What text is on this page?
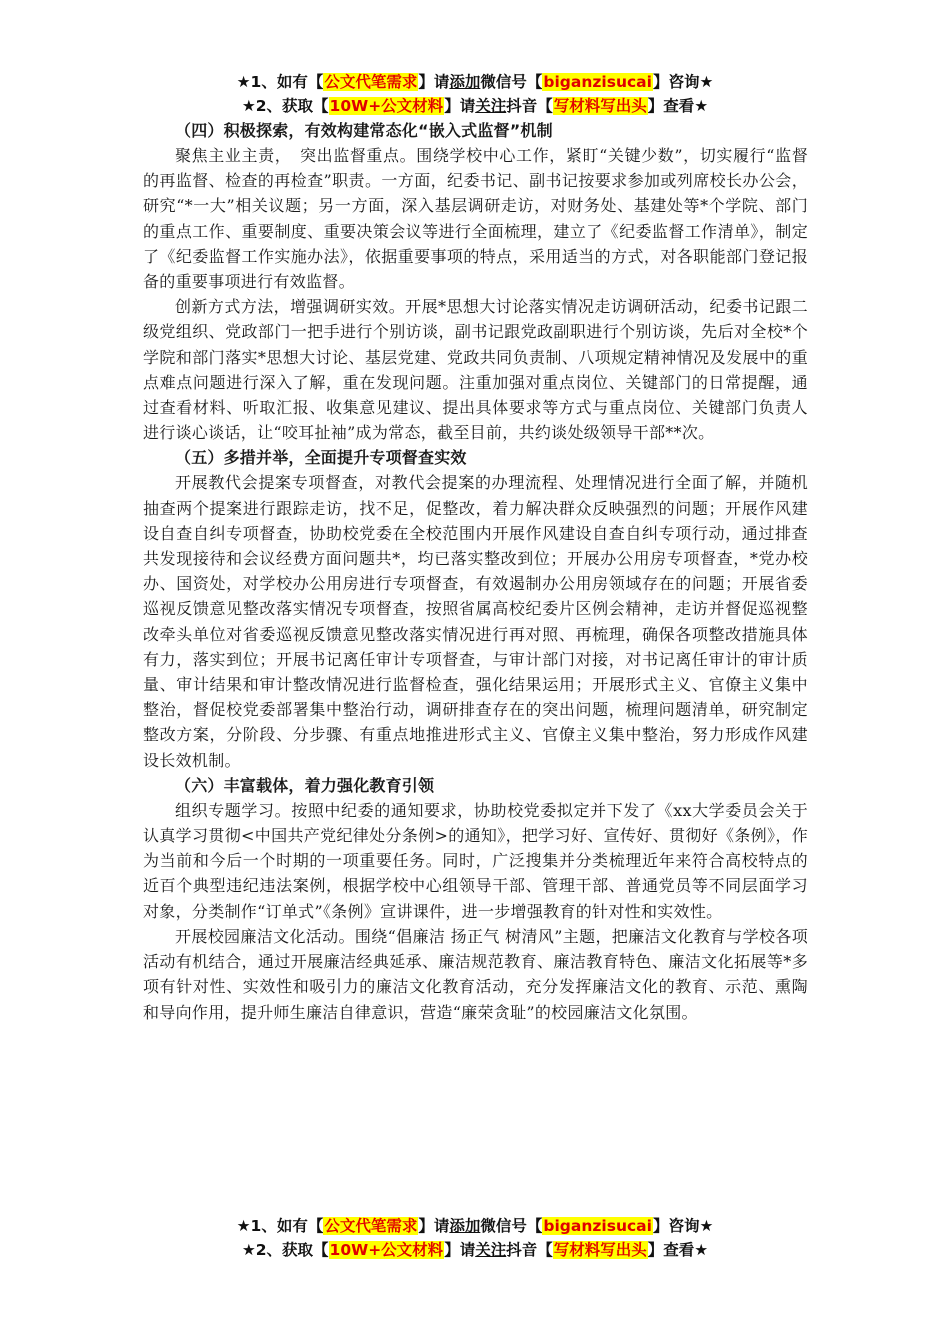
★1、如有【公文代笔需求】请添加微信号【biganzisucai】咨询★
★2、获取【10W+公文材料】请关注抖音【写材料写出头】查看★
（四）积极探索，有效构建常态化“嵌入式监督”机制

聚焦主业主责，　突出监督重点。围绕学校中心工作，紧盯“关键少数”，切实履行“监督的再监督、检查的再检查”职责。一方面，纪委书记、副书记按要求参加或列席校长办公会，研究“*一大”相关议题；另一方面，深入基层调研走访，对财务处、基建处等*个学院、部门的重点工作、重要制度、重要决策会议等进行全面梳理，建立了《纪委监督工作清单》，制定了《纪委监督工作实施办法》，依据重要事项的特点，采用适当的方式，对各职能部门登记报备的重要事项进行有效监督。

创新方式方法，增强调研实效。开展*思想大讨论落实情况走访调研活动，纪委书记跟二级党组织、党政部门一把手进行个别访谈，副书记跟党政副职进行个别访谈，先后对全校*个学院和部门落实*思想大讨论、基层党建、党政共同负责制、八项规定精神情况及发展中的重点难点问题进行深入了解，重在发现问题。注重加强对重点岗位、关键部门的日常提醒，通过查看材料、听取汇报、收集意见建议、提出具体要求等方式与重点岗位、关键部门负责人进行谈心谈话，让“咬耳扯袖”成为常态，截至目前，共约谈处级领导干部**次。

（五）多措并举，全面提升专项督查实效

开展教代会提案专项督查，对教代会提案的办理流程、处理情况进行全面了解，并随机抽查两个提案进行跟踪走访，找不足，促整改，着力解决群众反映强烈的问题；开展作风建设自查自纠专项督查，协助校党委在全校范围内开展作风建设自查自纠专项行动，通过排查共发现接待和会议经费方面问题共*，均已落实整改到位；开展办公用房专项督查，*党办校办、国资处，对学校办公用房进行专项督查，有效遏制办公用房领域存在的问题；开展省委巡视反馈意见整改落实情况专项督查，按照省属高校纪委片区例会精神，走访并督促巡视整改牵头单位对省委巡视反馈意见整改落实情况进行再对照、再梳理，确保各项整改措施具体有力，落实到位；开展书记离任审计专项督查，与审计部门对接，对书记离任审计的审计质量、审计结果和审计整改情况进行监督检查，强化结果运用；开展形式主义、官僚主义集中整治，督促校党委部署集中整治行动，调研排查存在的突出问题，梳理问题清单，研究制定整改方案，分阶段、分步骤、有重点地推进形式主义、官僚主义集中整治，努力形成作风建设长效机制。

（六）丰富载体，着力强化教育引领

组织专题学习。按照中纪委的通知要求，协助校党委拟定并下发了《xx大学委员会关于认真学习贯彻<中国共产党纪律处分条例>的通知》，把学习好、宣传好、贯彻好《条例》，作为当前和今后一个时期的一项重要任务。同时，广泛搜集并分类梳理近年来符合高校特点的近百个典型违纪违法案例，根据学校中心组领导干部、管理干部、普通党员等不同层面学习对象，分类制作“订单式”《条例》宣讲课件，进一步增强教育的针对性和实效性。

开展校园廉洁文化活动。围绕“倡廉洁 扬正气 树清风”主题，把廉洁文化教育与学校各项活动有机结合，通过开展廉洁经典延承、廉洁规范教育、廉洁教育特色、廉洁文化拓展等*多项有针对性、实效性和吸引力的廉洁文化教育活动，充分发挥廉洁文化的教育、示范、熏陶和导向作用，提升师生廉洁自律意识，营造“廉荣贪耻”的校园廉洁文化氛围。

★1、如有【公文代笔需求】请添加微信号【biganzisucai】咨询★
★2、获取【10W+公文材料】请关注抖音【写材料写出头】查看★
